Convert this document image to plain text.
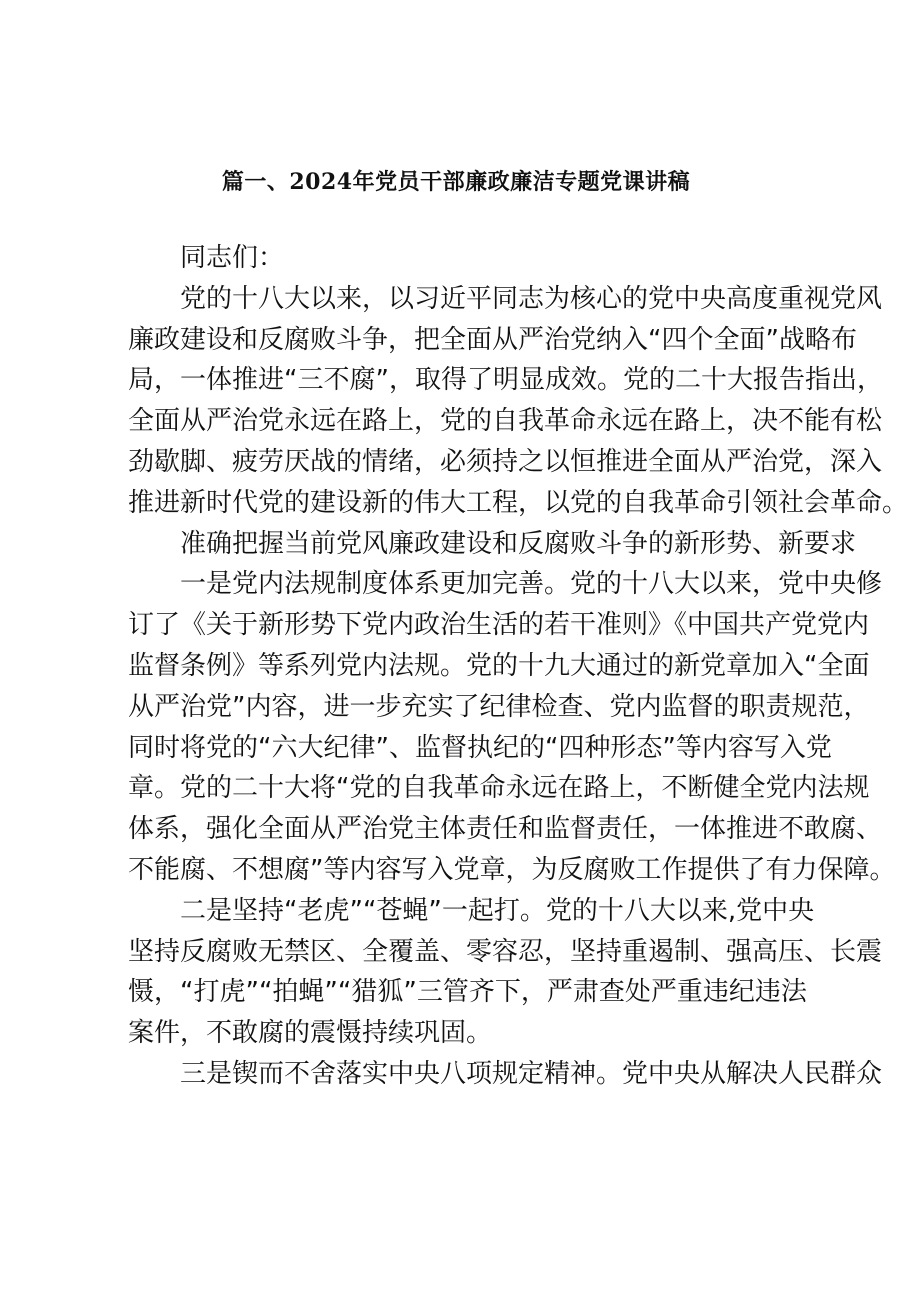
篇一、2024年党员干部廉政廉洁专题党课讲稿
同志们：
党的十八大以来，以习近平同志为核心的党中央高度重视党风
廉政建设和反腐败斗争，把全面从严治党纳入“四个全面”战略布
局，一体推进“三不腐”，取得了明显成效。党的二十大报告指出，
全面从严治党永远在路上，党的自我革命永远在路上，决不能有松
劲歇脚、疲劳厌战的情绪，必须持之以恒推进全面从严治党，深入
推进新时代党的建设新的伟大工程，以党的自我革命引领社会革命。
准确把握当前党风廉政建设和反腐败斗争的新形势、新要求
一是党内法规制度体系更加完善。党的十八大以来，党中央修
订了《关于新形势下党内政治生活的若干准则》《中国共产党党内
监督条例》等系列党内法规。党的十九大通过的新党章加入“全面
从严治党”内容，进一步充实了纪律检查、党内监督的职责规范，
同时将党的“六大纪律”、监督执纪的“四种形态”等内容写入党
章。党的二十大将“党的自我革命永远在路上，不断健全党内法规
体系，强化全面从严治党主体责任和监督责任，一体推进不敢腐、
不能腐、不想腐”等内容写入党章，为反腐败工作提供了有力保障。
二是坚持“老虎”“苍蝇”一起打。党的十八大以来,党中央
坚持反腐败无禁区、全覆盖、零容忍，坚持重遏制、强高压、长震
慑，“打虎”“拍蝇”“猎狐”三管齐下，严肃查处严重违纪违法
案件，不敢腐的震慑持续巩固。
三是锲而不舍落实中央八项规定精神。党中央从解决人民群众
